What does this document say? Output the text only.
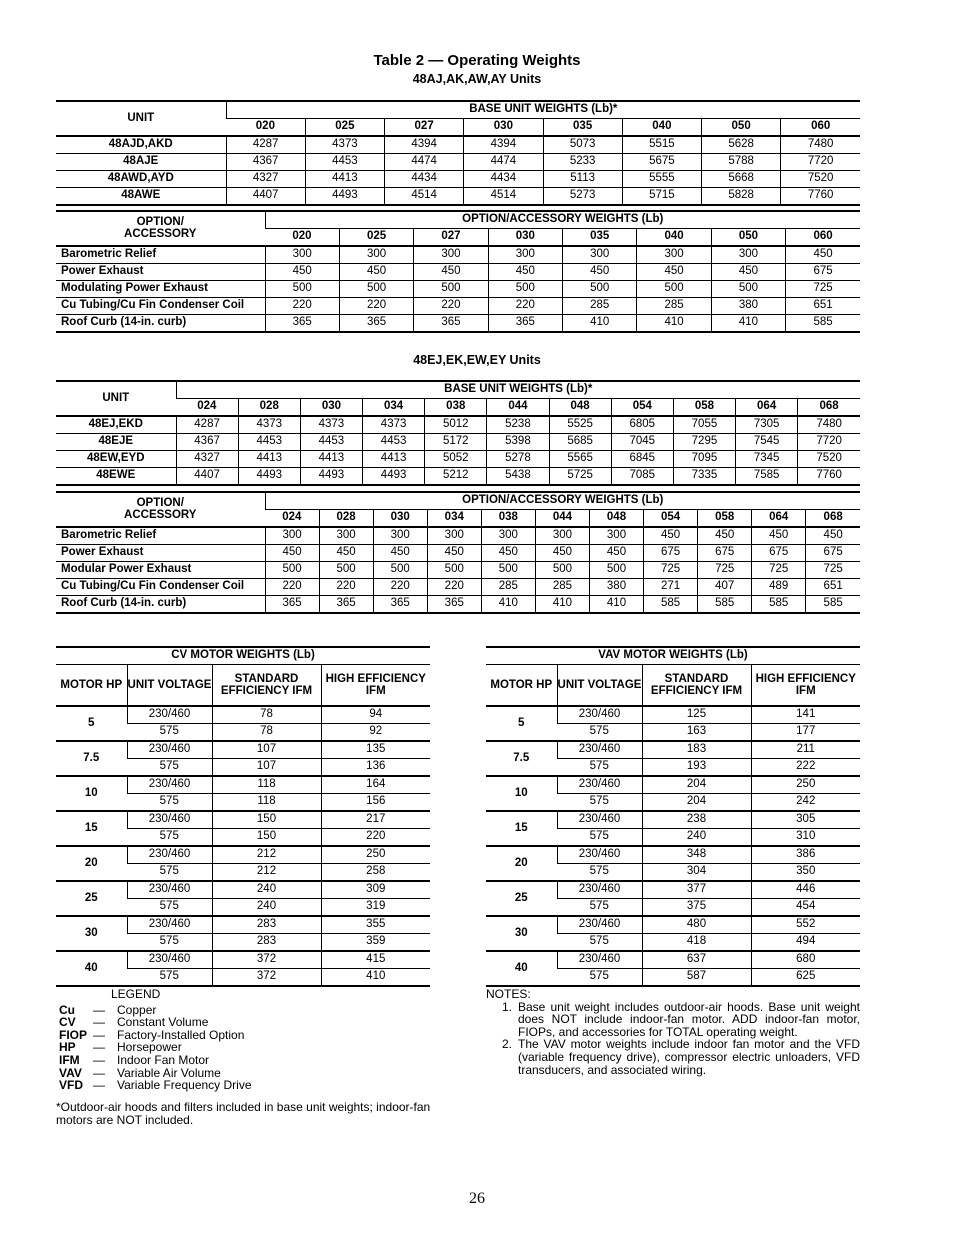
Table 2 — Operating Weights
48AJ,AK,AW,AY Units
48EJ,EK,EW,EY Units
UNIT	BASE UNIT WEIGHTS (Lb)*							
	020	025	027	030	035	040	050	060
48AJD,AKD	4287	4373	4394	4394	5073	5515	5628	7480
48AJE	4367	4453	4474	4474	5233	5675	5788	7720
48AWD,AYD	4327	4413	4434	4434	5113	5555	5668	7520
48AWE	4407	4493	4514	4514	5273	5715	5828	7760
OPTION/
ACCESSORY	OPTION/ACCESSORY WEIGHTS (Lb)							
	020	025	027	030	035	040	050	060
Barometric Relief	300	300	300	300	300	300	300	450
Power Exhaust	450	450	450	450	450	450	450	675
Modulating Power Exhaust	500	500	500	500	500	500	500	725
Cu Tubing/Cu Fin Condenser Coil	220	220	220	220	285	285	380	651
Roof Curb (14-in. curb)	365	365	365	365	410	410	410	585
UNIT	BASE UNIT WEIGHTS (Lb)*										
	024	028	030	034	038	044	048	054	058	064	068
48EJ,EKD	4287	4373	4373	4373	5012	5238	5525	6805	7055	7305	7480
48EJE	4367	4453	4453	4453	5172	5398	5685	7045	7295	7545	7720
48EW,EYD	4327	4413	4413	4413	5052	5278	5565	6845	7095	7345	7520
48EWE	4407	4493	4493	4493	5212	5438	5725	7085	7335	7585	7760
OPTION/
ACCESSORY	OPTION/ACCESSORY WEIGHTS (Lb)										
	024	028	030	034	038	044	048	054	058	064	068
Barometric Relief	300	300	300	300	300	300	300	450	450	450	450
Power Exhaust	450	450	450	450	450	450	450	675	675	675	675
Modular Power Exhaust	500	500	500	500	500	500	500	725	725	725	725
Cu Tubing/Cu Fin Condenser Coil	220	220	220	220	285	285	380	271	407	489	651
Roof Curb (14-in. curb)	365	365	365	365	410	410	410	585	585	585	585
CV MOTOR WEIGHTS (Lb)			
MOTOR HP	UNIT VOLTAGE	STANDARD EFFICIENCY IFM	HIGH EFFICIENCY IFM
5	230/460	78	94
	575	78	92
7.5	230/460	107	135
	575	107	136
10	230/460	118	164
	575	118	156
15	230/460	150	217
	575	150	220
20	230/460	212	250
	575	212	258
25	230/460	240	309
	575	240	319
30	230/460	283	355
	575	283	359
40	230/460	372	415
	575	372	410
VAV MOTOR WEIGHTS (Lb)			
MOTOR HP	UNIT VOLTAGE	STANDARD EFFICIENCY IFM	HIGH EFFICIENCY IFM
5	230/460	125	141
	575	163	177
7.5	230/460	183	211
	575	193	222
10	230/460	204	250
	575	204	242
15	230/460	238	305
	575	240	310
20	230/460	348	386
	575	304	350
25	230/460	377	446
	575	375	454
30	230/460	480	552
	575	418	494
40	230/460	637	680
	575	587	625
LEGEND
Cu	—	Copper
CV	—	Constant Volume
FIOP —	Factory-Installed Option
HP	—	Horsepower
IFM	—	Indoor Fan Motor
VAV —	Variable Air Volume
VFD —	Variable Frequency Drive
*Outdoor-air hoods and filters included in base unit weights; indoor-fan motors are NOT included.
NOTES:
1. Base unit weight includes outdoor-air hoods. Base unit weight does NOT include indoor-fan motor. ADD indoor-fan motor, FIOPs, and accessories for TOTAL operating weight.
2. The VAV motor weights include indoor fan motor and the VFD (variable frequency drive), compressor electric unloaders, VFD transducers, and associated wiring.
26
